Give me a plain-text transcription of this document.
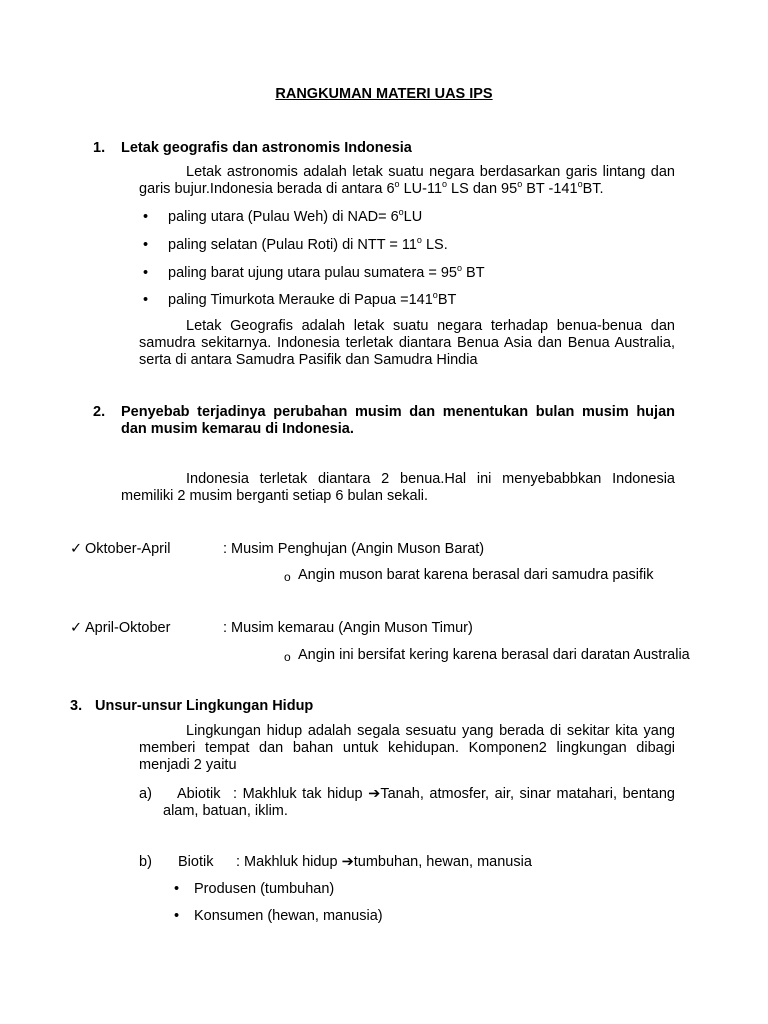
RANGKUMAN MATERI UAS IPS
1. Letak geografis dan astronomis Indonesia
Letak astronomis adalah letak suatu negara berdasarkan garis lintang dan garis bujur.Indonesia berada di antara 6$^o$ LU-11$^o$ LS dan 95$^o$ BT -141$^o$BT.
• paling utara (Pulau Weh) di $NAD= 6^oLU$
• paling selatan (Pulau Roti) di NTT = $11^o$ LS.
• paling barat ujung utara pulau sumatera = $95^o$ BT
• paling Timurkota Merauke di Papua $=141^oBT$
Letak Geografis adalah letak suatu negara terhadap benua-benua dan samudra sekitarnya. Indonesia terletak diantara Benua Asia dan Benua Australia, serta di antara Samudra Pasifik dan Samudra Hindia
2. Penyebab terjadinya perubahan musim dan menentukan bulan musim hujan dan musim kemarau di Indonesia.
Indonesia terletak diantara 2 benua.Hal ini menyebabbkan Indonesia memiliki 2 musim berganti setiap 6 bulan sekali.
✓ Oktober-April	: Musim Penghujan (Angin Muson Barat)
o Angin muson barat karena berasal dari samudra pasifik
✓ April-Oktober	: Musim kemarau (Angin Muson Timur)
o Angin ini bersifat kering karena berasal dari daratan Australia
3. Unsur-unsur Lingkungan Hidup
Lingkungan hidup adalah segala sesuatu yang berada di sekitar kita yang memberi tempat dan bahan untuk kehidupan. Komponen2 lingkungan dibagi menjadi 2 yaitu
a) Abiotik : Makhluk tak hidup ➔Tanah, atmosfer, air, sinar matahari, bentang alam, batuan, iklim.
b) Biotik : Makhluk hidup ➔tumbuhan, hewan, manusia
• Produsen (tumbuhan)
• Konsumen (hewan, manusia)
